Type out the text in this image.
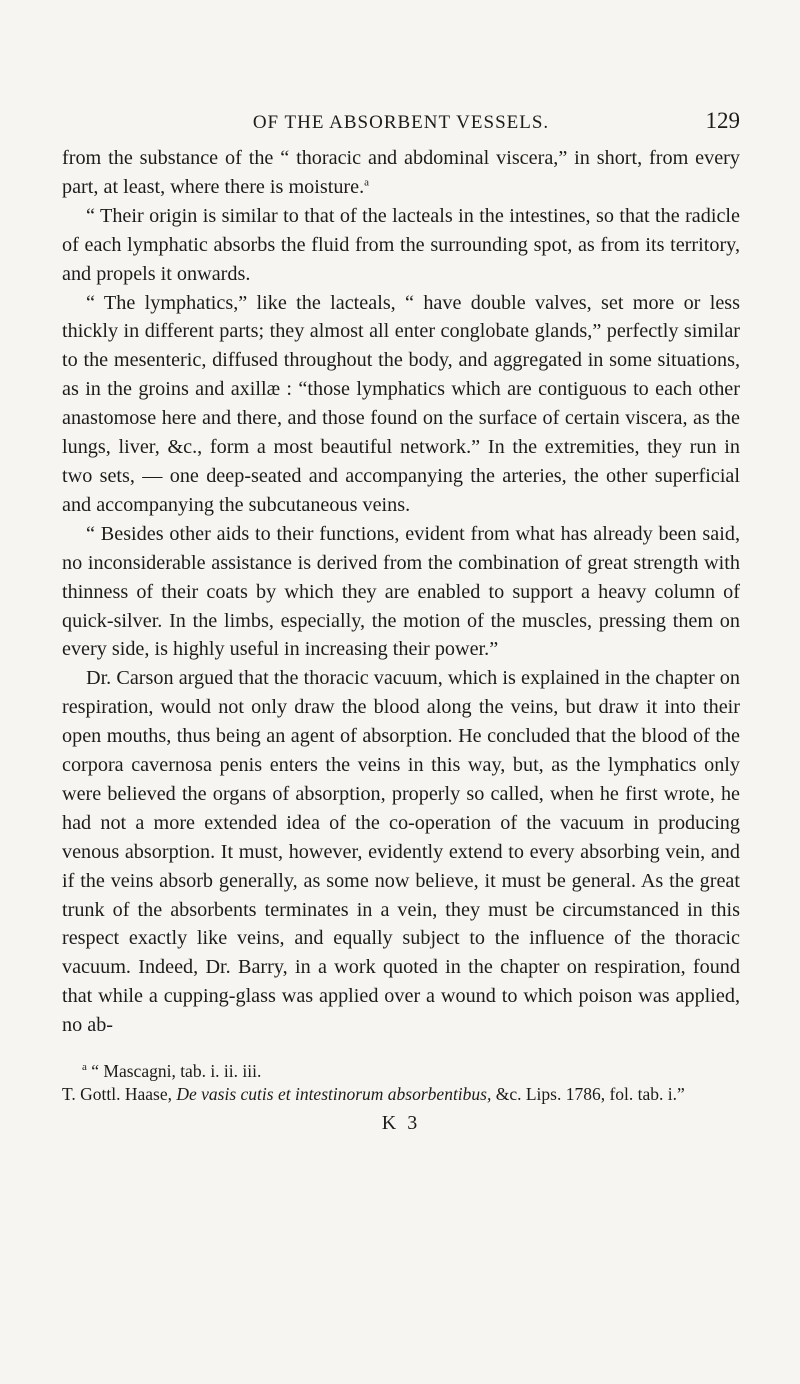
OF THE ABSORBENT VESSELS.	129

from the substance of the “ thoracic and abdominal viscera,” in short, from every part, at least, where there is moisture.$^a$

“ Their origin is similar to that of the lacteals in the intestines, so that the radicle of each lymphatic absorbs the fluid from the surrounding spot, as from its territory, and propels it onwards.

“ The lymphatics,” like the lacteals, “ have double valves, set more or less thickly in different parts; they almost all enter conglobate glands,” perfectly similar to the mesenteric, diffused throughout the body, and aggregated in some situations, as in the groins and axillæ : “those lymphatics which are contiguous to each other anastomose here and there, and those found on the surface of certain viscera, as the lungs, liver, &c., form a most beautiful network.” In the extremities, they run in two sets, — one deep-seated and accompanying the arteries, the other superficial and accompanying the subcutaneous veins.

“ Besides other aids to their functions, evident from what has already been said, no inconsiderable assistance is derived from the combination of great strength with thinness of their coats by which they are enabled to support a heavy column of quick-silver. In the limbs, especially, the motion of the muscles, pressing them on every side, is highly useful in increasing their power.”

Dr. Carson argued that the thoracic vacuum, which is explained in the chapter on respiration, would not only draw the blood along the veins, but draw it into their open mouths, thus being an agent of absorption. He concluded that the blood of the corpora cavernosa penis enters the veins in this way, but, as the lymphatics only were believed the organs of absorption, properly so called, when he first wrote, he had not a more extended idea of the co-operation of the vacuum in producing venous absorption. It must, however, evidently extend to every absorbing vein, and if the veins absorb generally, as some now believe, it must be general. As the great trunk of the absorbents terminates in a vein, they must be circumstanced in this respect exactly like veins, and equally subject to the influence of the thoracic vacuum. Indeed, Dr. Barry, in a work quoted in the chapter on respiration, found that while a cupping-glass was applied over a wound to which poison was applied, no ab-

$^a$ “ Mascagni, tab. i. ii. iii.

T. Gottl. Haase, De vasis cutis et intestinorum absorbentibus, &c. Lips. 1786, fol. tab. i.”

K 3
